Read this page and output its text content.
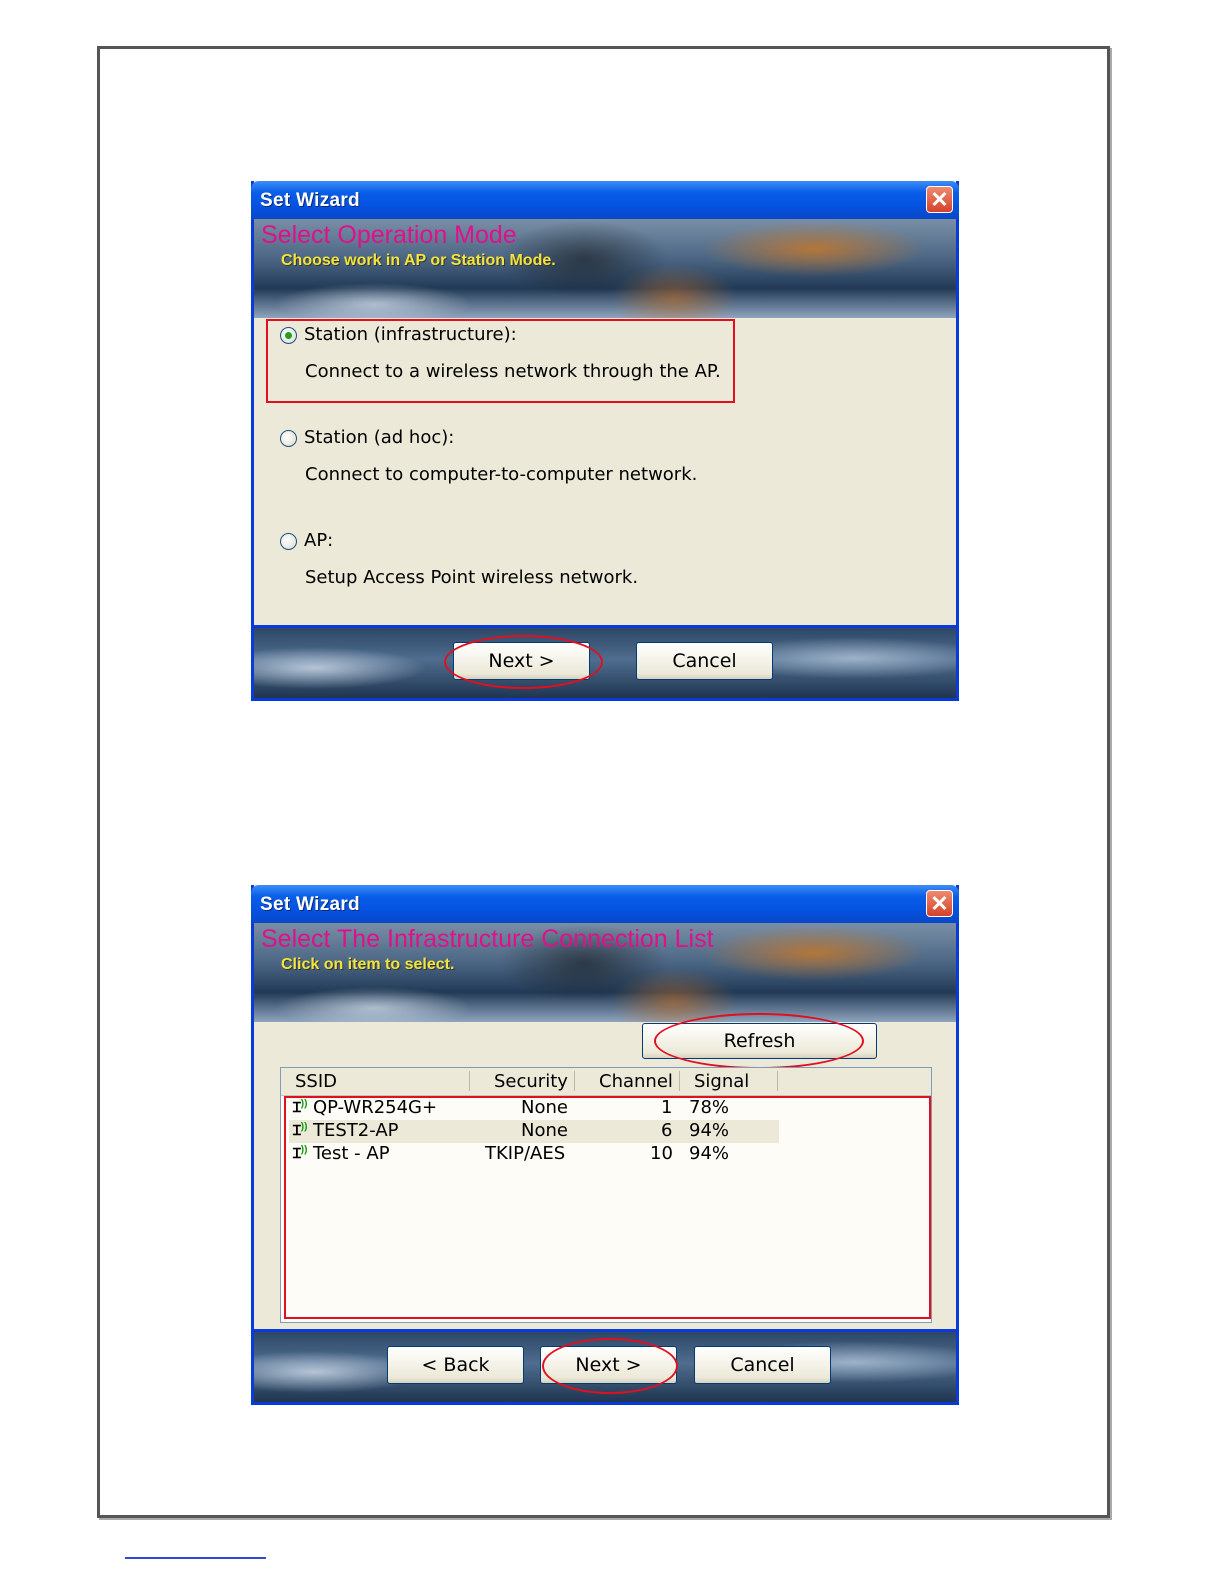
Set Wizard	✕
Select Operation Mode
Choose work in AP or Station Mode.
Station (infrastructure):
Connect to a wireless network through the AP.
Station (ad hoc):
Connect to computer-to-computer network.
AP:
Setup Access Point wireless network.
Next >	Cancel
Set Wizard	✕
Select The Infrastructure Connection List
Click on item to select.
Refresh
SSID	Security Channel Signal
Ɪ)) QP-WR254G+	None	1 78%
Ɪ)) TEST2-AP	None	6 94%
Ɪ)) Test - AP	TKIP/AES	10 94%
< Back	Next >	Cancel
